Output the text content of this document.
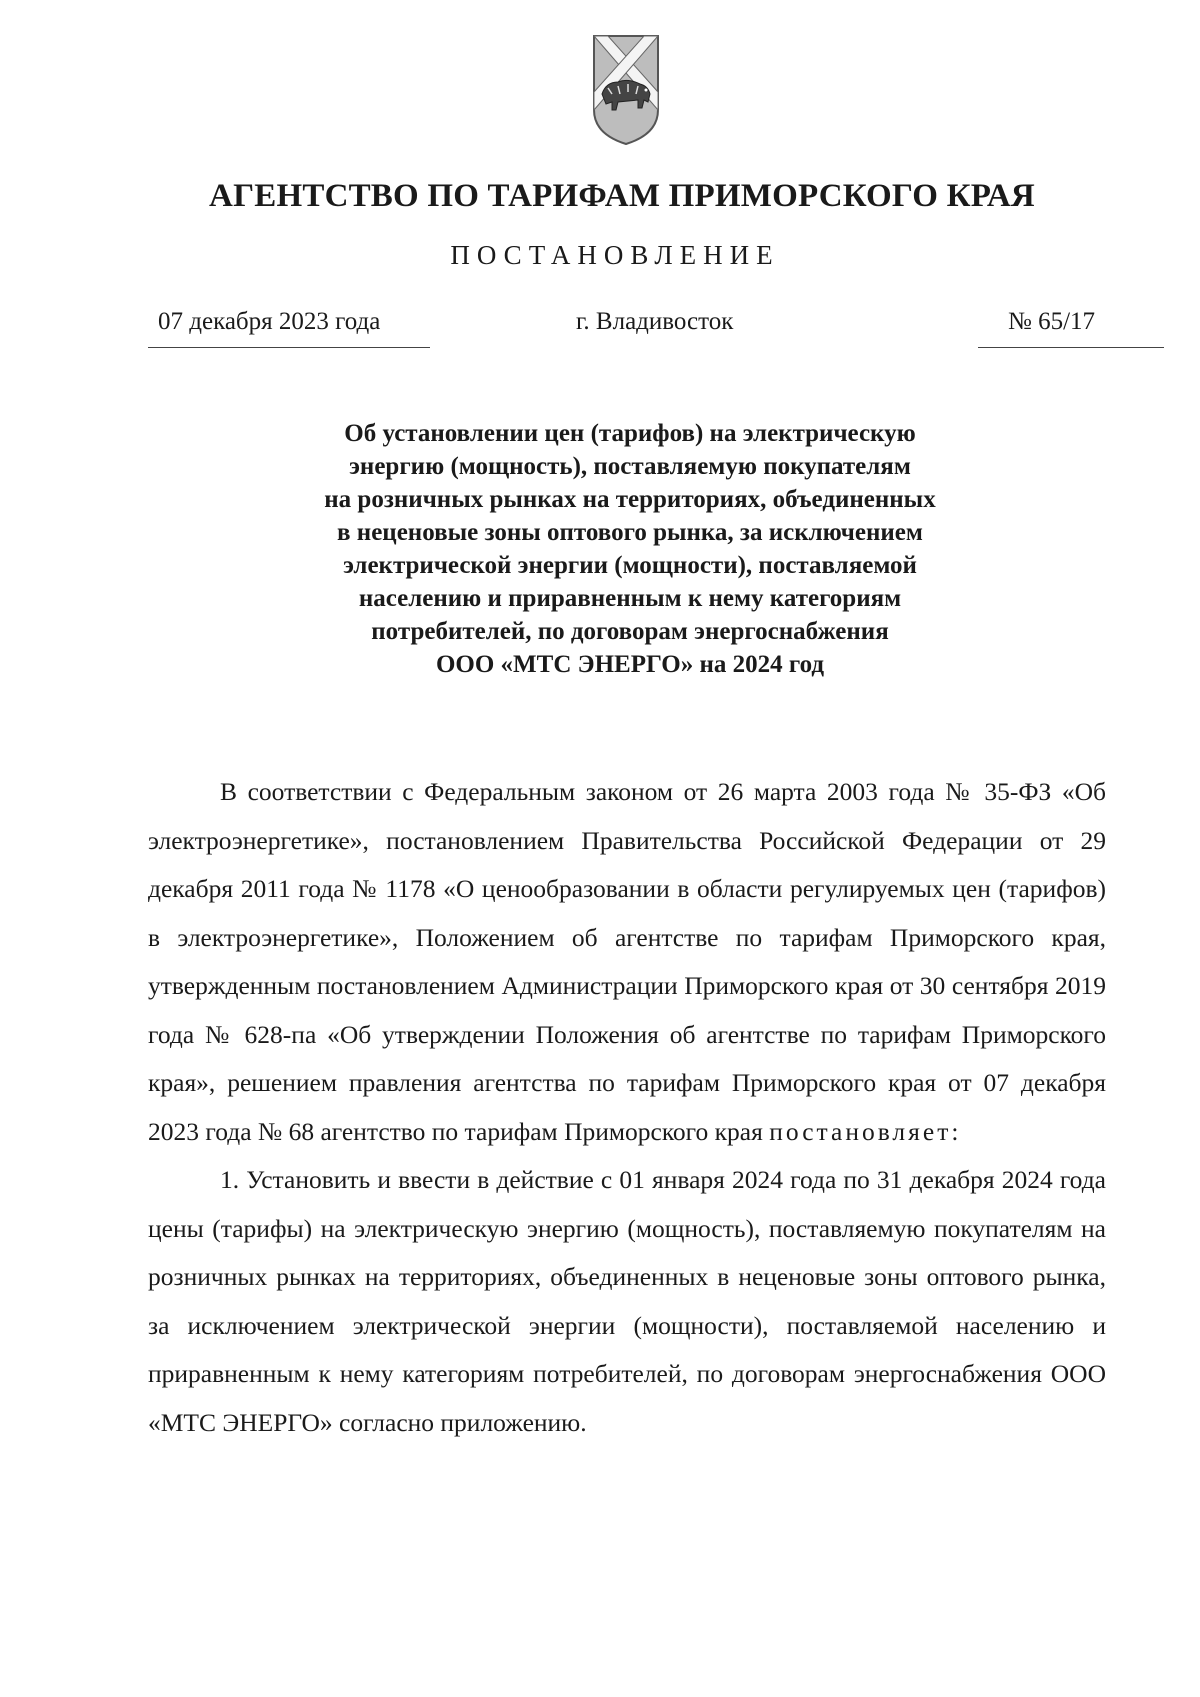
АГЕНТСТВО ПО ТАРИФАМ ПРИМОРСКОГО КРАЯ
ПОСТАНОВЛЕНИЕ
07 декабря 2023 года	г. Владивосток	№ 65/17
Об установлении цен (тарифов) на электрическую
энергию (мощность), поставляемую покупателям
на розничных рынках на территориях, объединенных
в неценовые зоны оптового рынка, за исключением
электрической энергии (мощности), поставляемой
населению и приравненным к нему категориям
потребителей, по договорам энергоснабжения
ООО «МТС ЭНЕРГО» на 2024 год

В соответствии с Федеральным законом от 26 марта 2003 года № 35-ФЗ «Об электроэнергетике», постановлением Правительства Российской Федерации от 29 декабря 2011 года № 1178 «О ценообразовании в области регулируемых цен (тарифов) в электроэнергетике», Положением об агентстве по тарифам Приморского края, утвержденным постановлением Администрации Приморского края от 30 сентября 2019 года № 628-па «Об утверждении Положения об агентстве по тарифам Приморского края», решением правления агентства по тарифам Приморского края от 07 декабря 2023 года № 68 агентство по тарифам Приморского края постановляет:

1. Установить и ввести в действие с 01 января 2024 года по 31 декабря 2024 года цены (тарифы) на электрическую энергию (мощность), поставляемую покупателям на розничных рынках на территориях, объединенных в неценовые зоны оптового рынка, за исключением электрической энергии (мощности), поставляемой населению и приравненным к нему категориям потребителей, по договорам энергоснабжения ООО «МТС ЭНЕРГО» согласно приложению.
